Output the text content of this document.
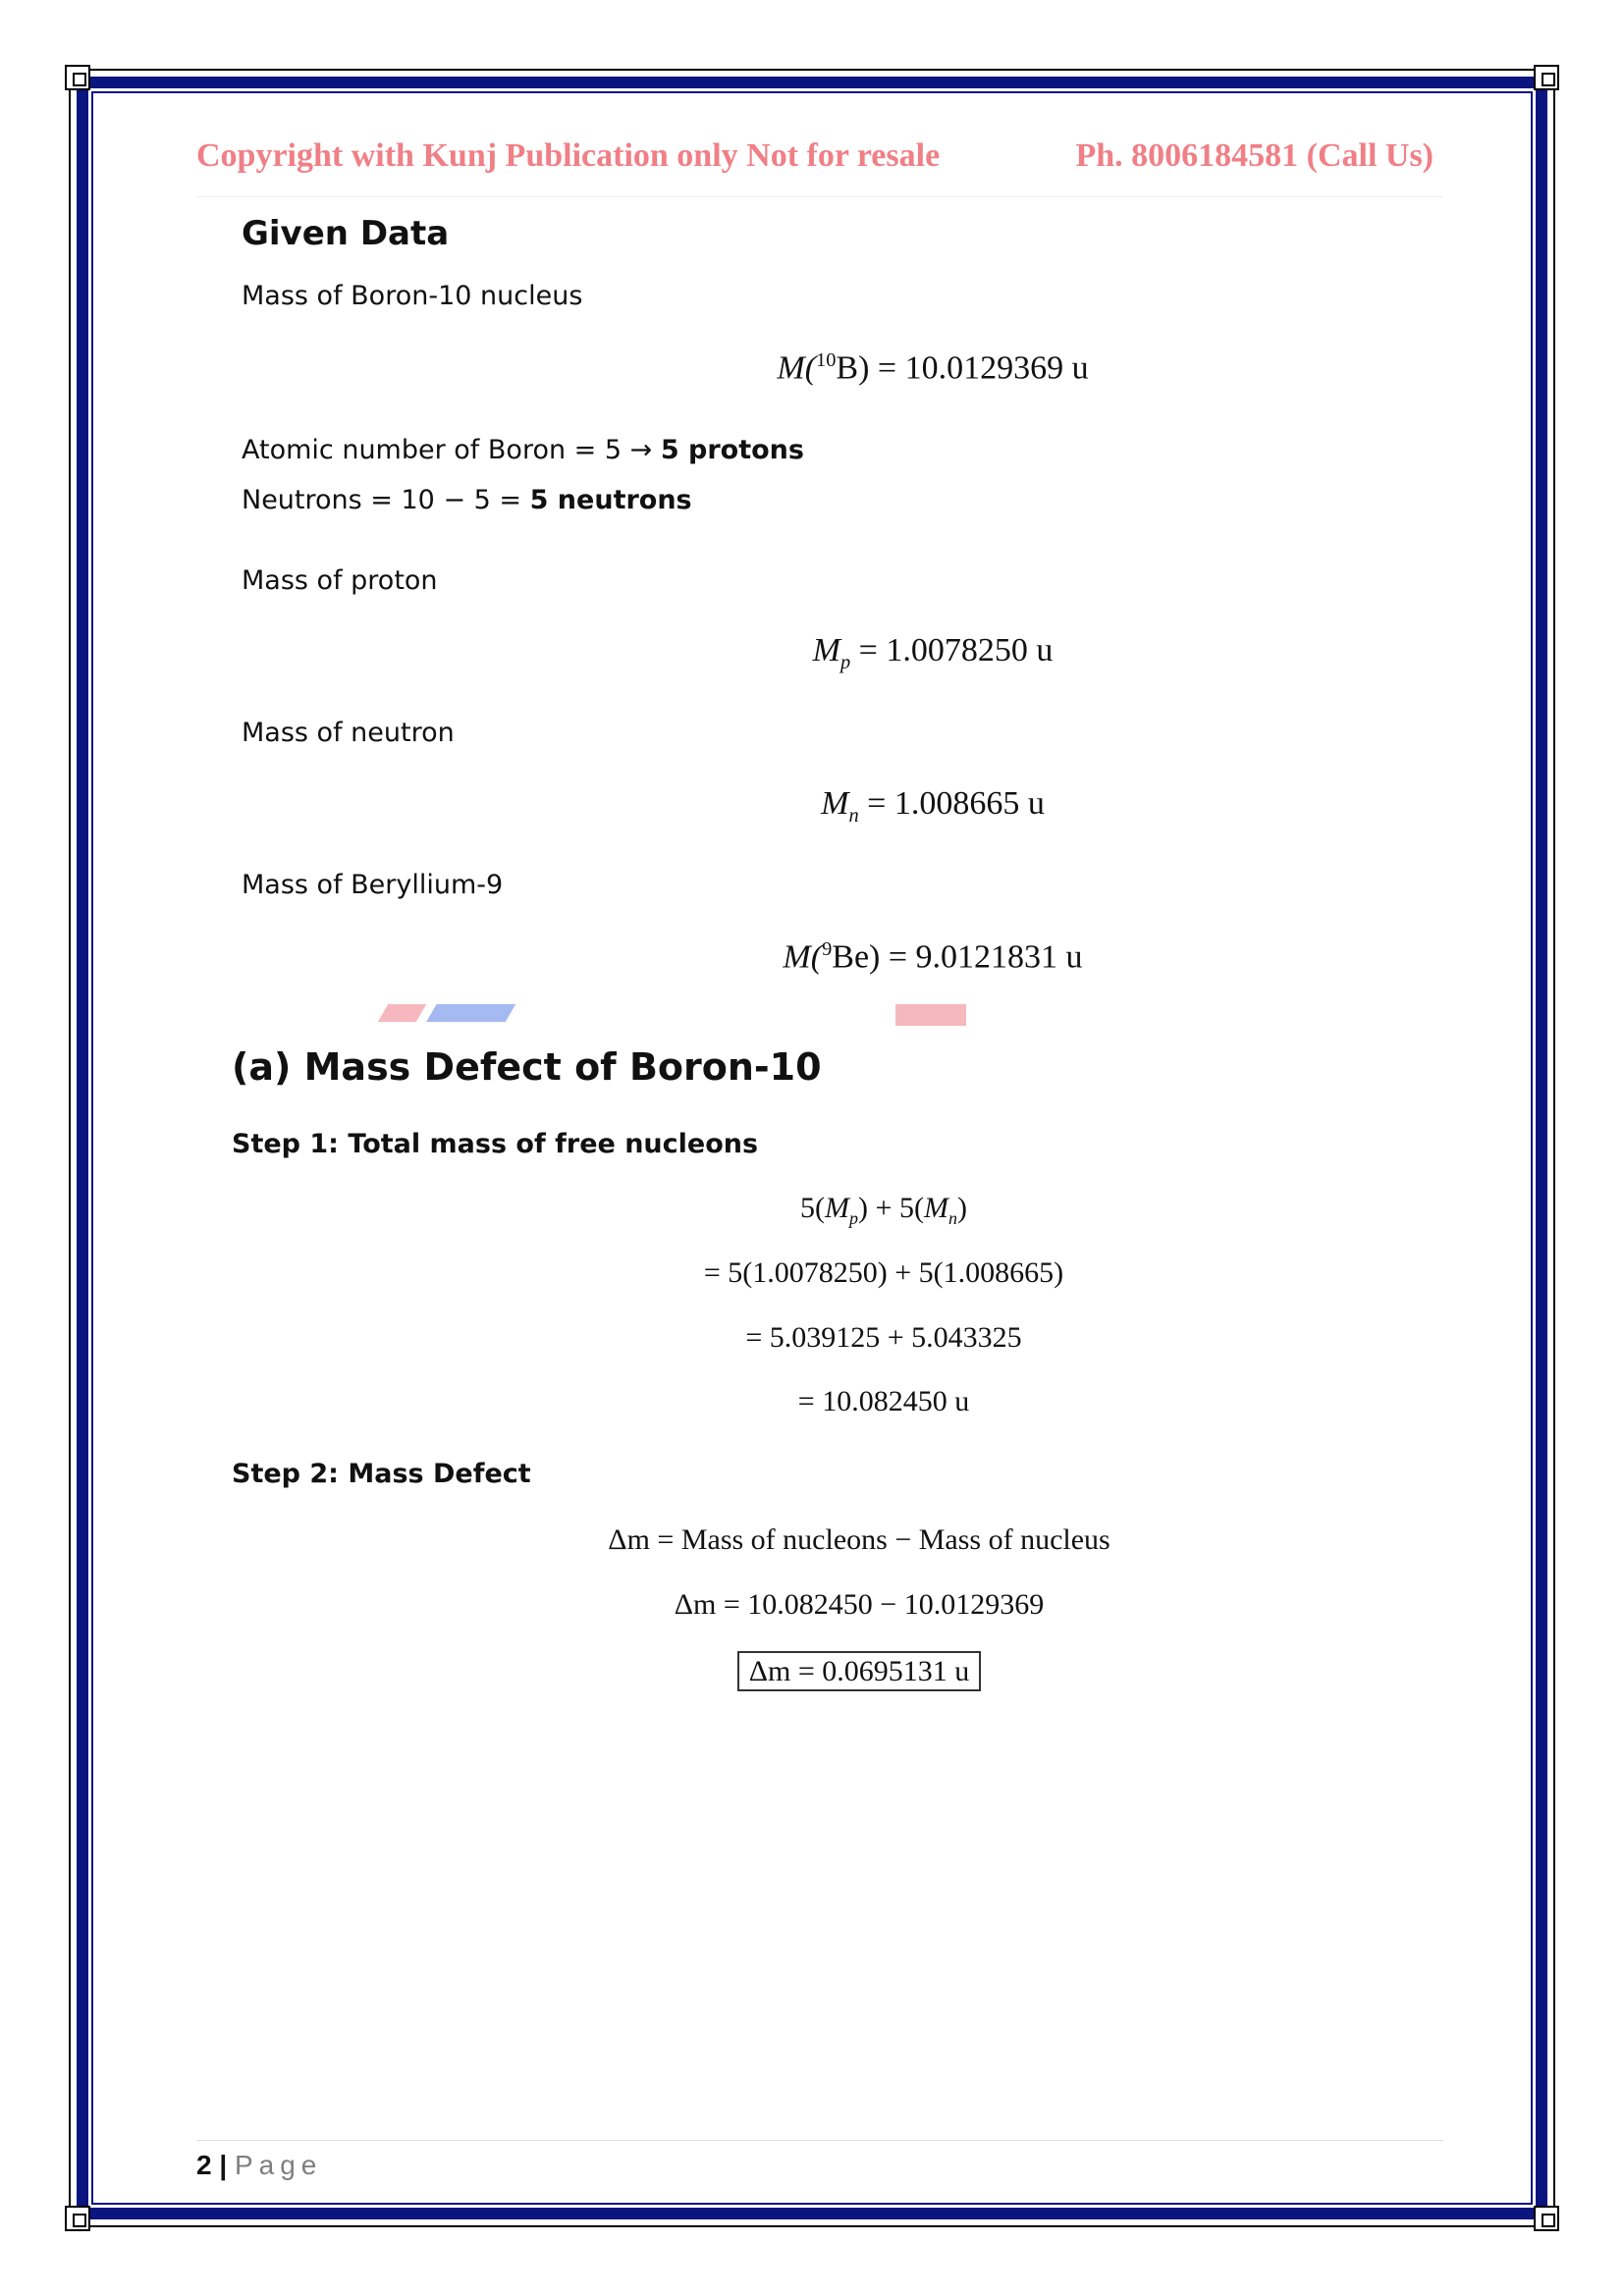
Copyright with Kunj Publication only Not for resale	Ph. 8006184581 (Call Us)
Given Data
Mass of Boron-10 nucleus
M($^{10}$B) = 10.0129369 u
Atomic number of Boron = 5 → 5 protons
Neutrons = 10 − 5 = 5 neutrons
Mass of proton
$M_p = 1.0078250$ u
Mass of neutron
$M_n = 1.008665$ u
Mass of Beryllium-9
M($^9$Be) = 9.0121831 u
(a) Mass Defect of Boron-10
Step 1: Total mass of free nucleons
$5(M_p) + 5(M_n)$
= 5(1.0078250) + 5(1.008665)
= 5.039125 + 5.043325
= 10.082450 u
Step 2: Mass Defect
Δm = Mass of nucleons − Mass of nucleus
Δm = 10.082450 − 10.0129369
Δm = 0.0695131 u
2 | Page
